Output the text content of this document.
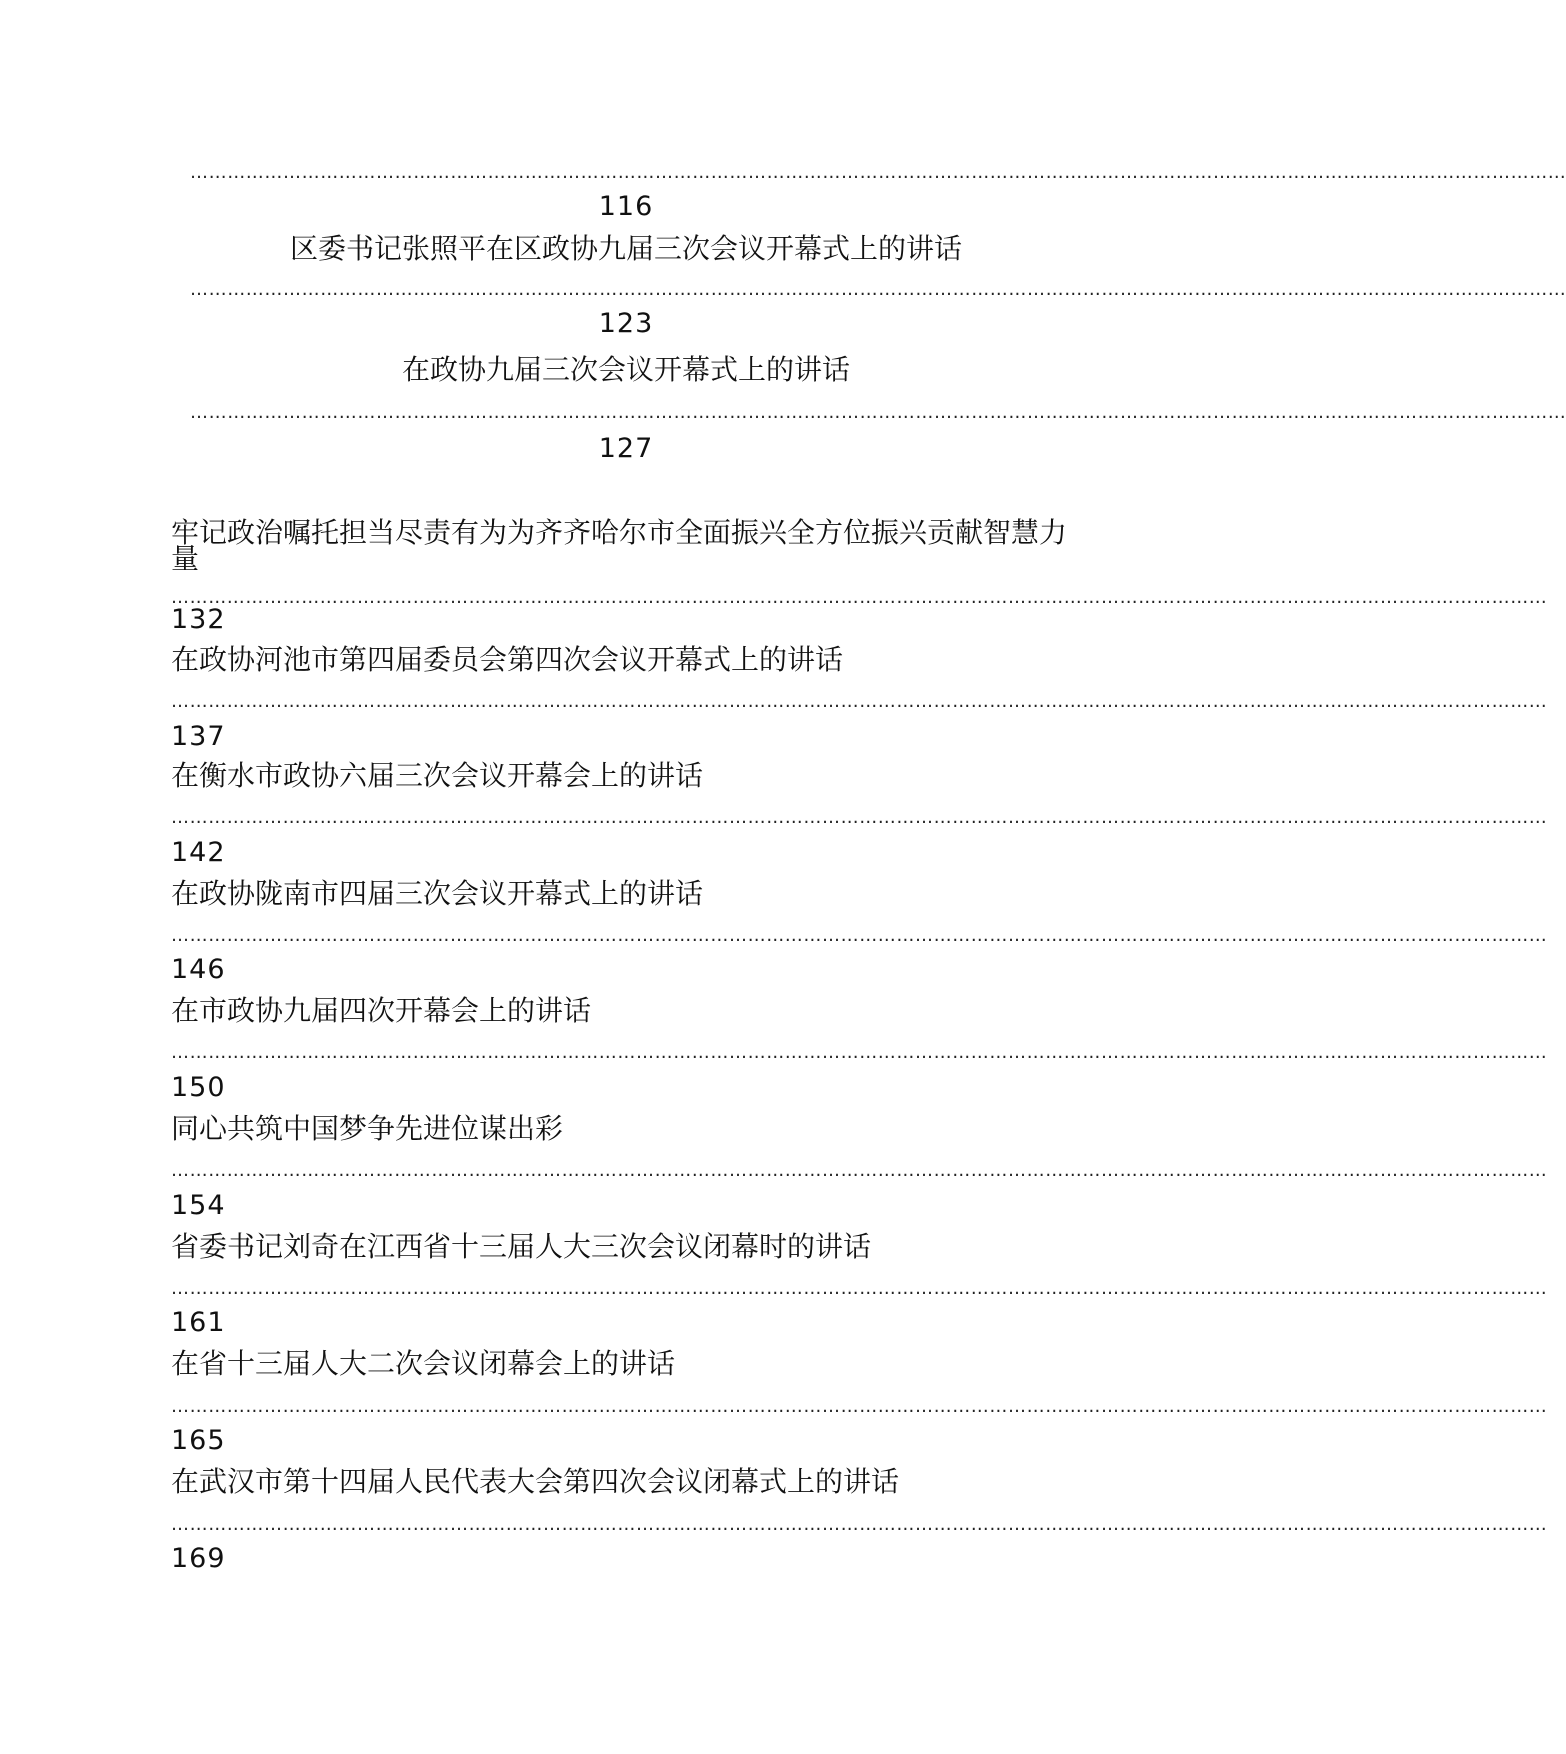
……………………………………………………………………………………………………………………………………………………………………………………………………
116
区委书记张照平在区政协九届三次会议开幕式上的讲话
……………………………………………………………………………………………………………………………………………………………………………………………………
123
在政协九届三次会议开幕式上的讲话
……………………………………………………………………………………………………………………………………………………………………………………………………
127
牢记政治嘱托担当尽责有为为齐齐哈尔市全面振兴全方位振兴贡献智慧力 量
……………………………………………………………………………………………………………………………………………………………………………………………………
132
在政协河池市第四届委员会第四次会议开幕式上的讲话
……………………………………………………………………………………………………………………………………………………………………………………………………
137
在衡水市政协六届三次会议开幕会上的讲话
……………………………………………………………………………………………………………………………………………………………………………………………………
142
在政协陇南市四届三次会议开幕式上的讲话
……………………………………………………………………………………………………………………………………………………………………………………………………
146
在市政协九届四次开幕会上的讲话
……………………………………………………………………………………………………………………………………………………………………………………………………
150
同心共筑中国梦争先进位谋出彩
……………………………………………………………………………………………………………………………………………………………………………………………………
154
省委书记刘奇在江西省十三届人大三次会议闭幕时的讲话
……………………………………………………………………………………………………………………………………………………………………………………………………
161
在省十三届人大二次会议闭幕会上的讲话
……………………………………………………………………………………………………………………………………………………………………………………………………
165
在武汉市第十四届人民代表大会第四次会议闭幕式上的讲话
……………………………………………………………………………………………………………………………………………………………………………………………………
169
